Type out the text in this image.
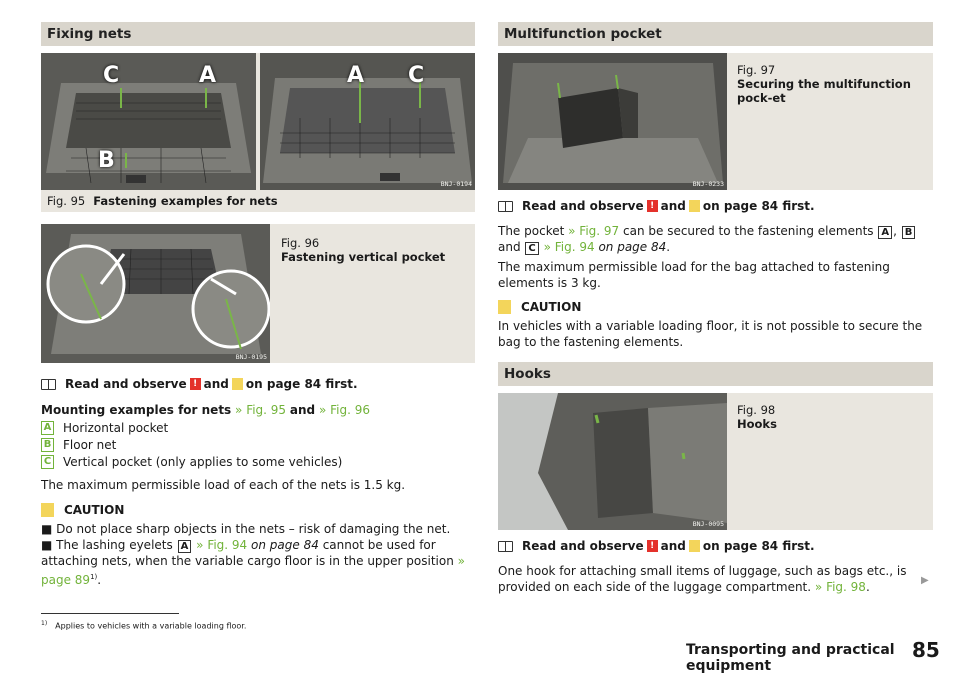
Fixing nets
BNJ-0194
C	A
B
A C
Fig. 95 Fastening examples for nets
BNJ-0195
Fig. 96
Fastening vertical pocket
Read and observe ! and ! on page 84 first.

Mounting examples for nets » Fig. 95 and » Fig. 96

A Horizontal pocket
B Floor net
C Vertical pocket (only applies to some vehicles)

The maximum permissible load of each of the nets is 1.5 kg.

CAUTION
■ Do not place sharp objects in the nets – risk of damaging the net.
■ The lashing eyelets A » Fig. 94 on page 84 cannot be used for attaching nets, when the variable cargo floor is in the upper position » page 89$^{1)}$.
Multifunction pocket
BNJ-0233
Fig. 97
Securing the multifunction pock-et
Read and observe ! and ! on page 84 first.

The pocket » Fig. 97 can be secured to the fastening elements A , B and C » Fig. 94 on page 84.

The maximum permissible load for the bag attached to fastening elements is 3 kg.

CAUTION
In vehicles with a variable loading floor, it is not possible to secure the bag to the fastening elements.
Hooks
BNJ-0095
Fig. 98
Hooks
Read and observe ! and ! on page 84 first.

One hook for attaching small items of luggage, such as bags etc., is provided on each side of the luggage compartment. » Fig. 98.	▶
$^{1)}$ Applies to vehicles with a variable loading floor.
Transporting and practical equipment
85
